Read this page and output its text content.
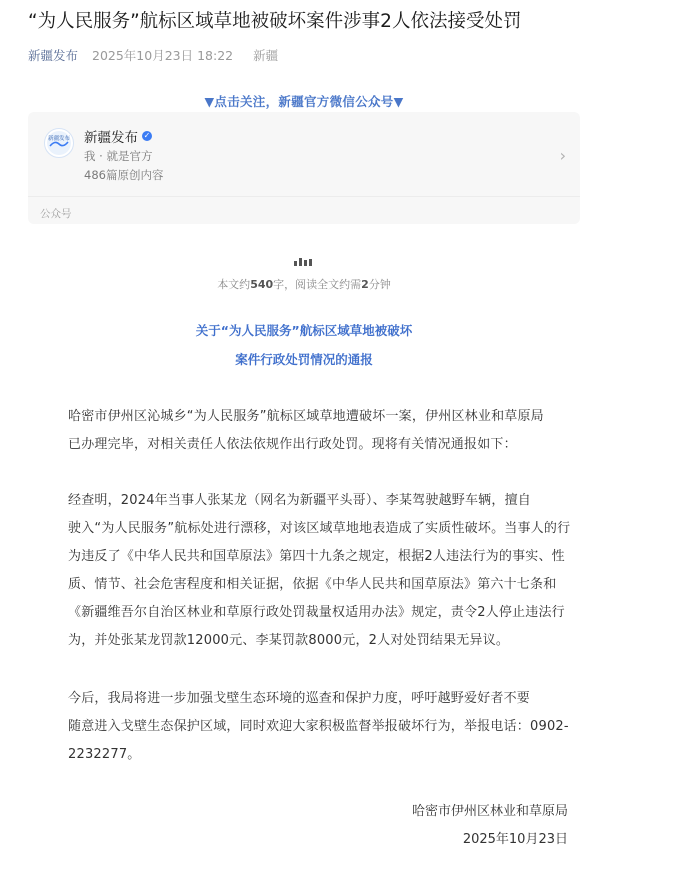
“为人民服务”航标区域草地被破坏案件涉事2人依法接受处罚
新疆发布 2025年10月23日 18:22 新疆
▼点击关注，新疆官方微信公众号▼
新疆发布 新疆发布 ✓
我 · 就是官方
486篇原创内容
›
公众号
本文约540字，阅读全文约需2分钟
关于“为人民服务”航标区域草地被破坏
案件行政处罚情况的通报
哈密市伊州区沁城乡“为人民服务”航标区域草地遭破坏一案，伊州区林业和草原局
已办理完毕，对相关责任人依法依规作出行政处罚。现将有关情况通报如下：
经查明，2024年当事人张某龙（网名为新疆平头哥）、李某驾驶越野车辆，擅自
驶入“为人民服务”航标处进行漂移，对该区域草地地表造成了实质性破坏。当事人的行
为违反了《中华人民共和国草原法》第四十九条之规定，根据2人违法行为的事实、性
质、情节、社会危害程度和相关证据，依据《中华人民共和国草原法》第六十七条和
《新疆维吾尔自治区林业和草原行政处罚裁量权适用办法》规定，责令2人停止违法行
为，并处张某龙罚款12000元、李某罚款8000元，2人对处罚结果无异议。
今后，我局将进一步加强戈壁生态环境的巡查和保护力度，呼吁越野爱好者不要
随意进入戈壁生态保护区域，同时欢迎大家积极监督举报破坏行为，举报电话：0902-
2232277。
哈密市伊州区林业和草原局
2025年10月23日
